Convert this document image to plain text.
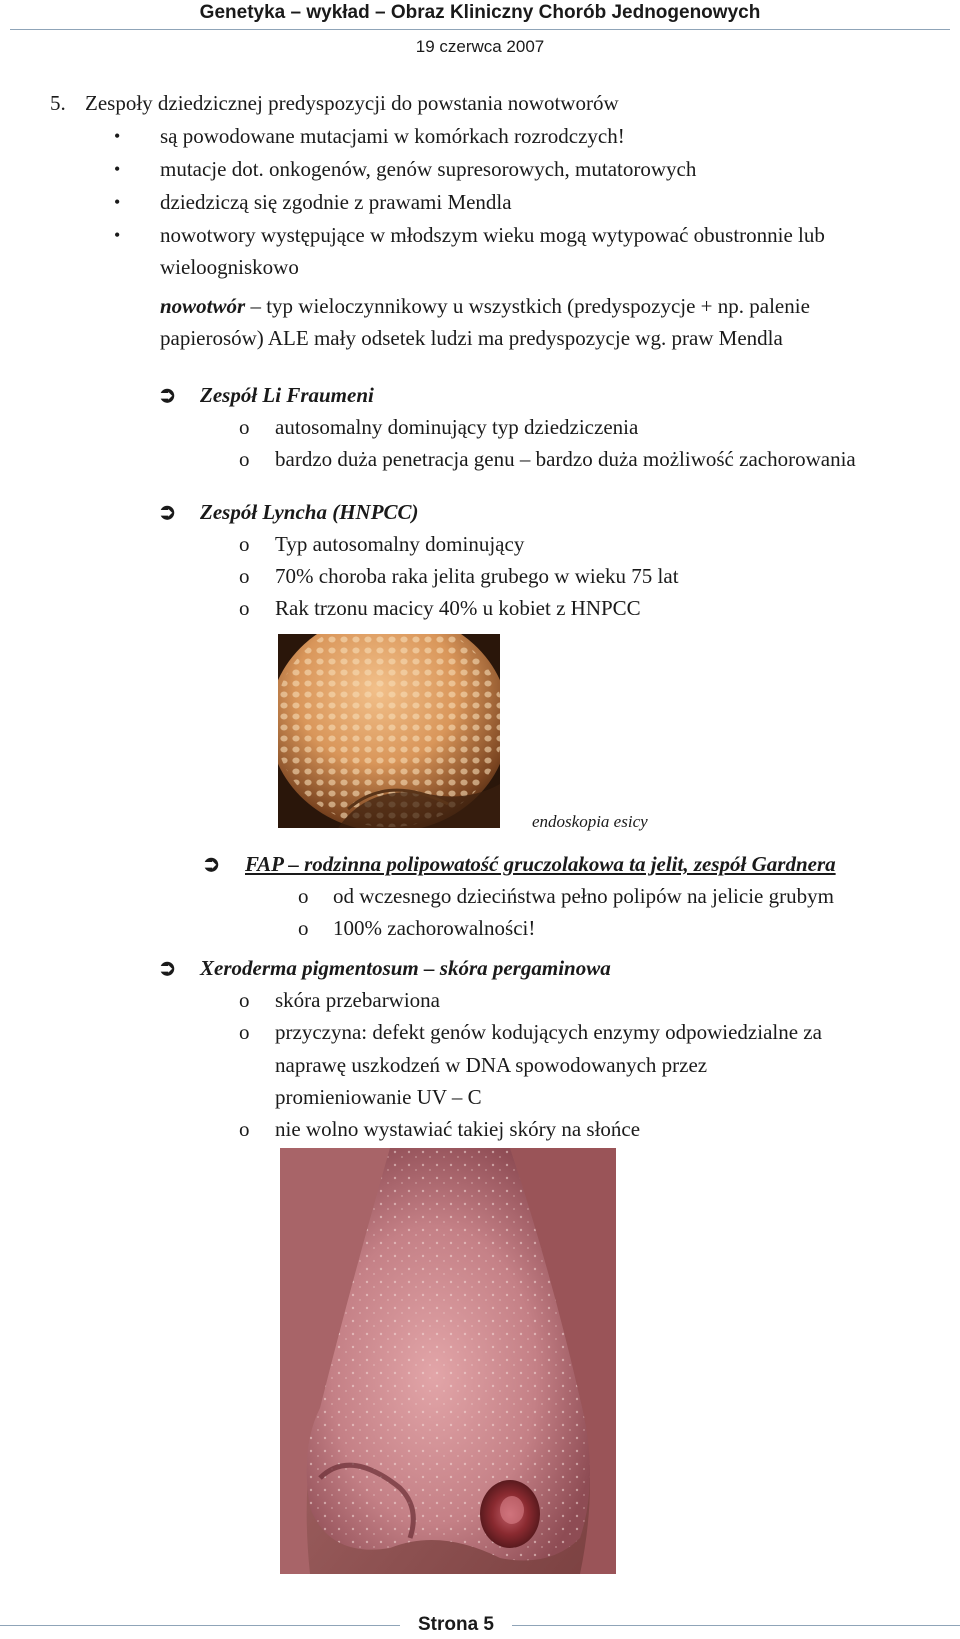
Genetyka – wykład – Obraz Kliniczny Chorób Jednogenowych
19 czerwca 2007
5. Zespoły dziedzicznej predyspozycji do powstania nowotworów
• są powodowane mutacjami w komórkach rozrodczych!
• mutacje dot. onkogenów, genów supresorowych, mutatorowych
• dziedziczą się zgodnie z prawami Mendla
• nowotwory występujące w młodszym wieku mogą wytypować obustronnie lub
wieloogniskowo
nowotwór – typ wieloczynnikowy u wszystkich (predyspozycje + np. palenie
papierosów) ALE mały odsetek ludzi ma predyspozycje wg. praw Mendla
➲ Zespół Li Fraumeni
o autosomalny dominujący typ dziedziczenia
o bardzo duża penetracja genu – bardzo duża możliwość zachorowania
➲ Zespół Lyncha (HNPCC)
o Typ autosomalny dominujący
o 70% choroba raka jelita grubego w wieku 75 lat
o Rak trzonu macicy 40% u kobiet z HNPCC
endoskopia esicy
➲ FAP – rodzinna polipowatość gruczolakowa ta jelit, zespół Gardnera
o od wczesnego dzieciństwa pełno polipów na jelicie grubym
o 100% zachorowalności!
➲ Xeroderma pigmentosum – skóra pergaminowa
o skóra przebarwiona
o przyczyna: defekt genów kodujących enzymy odpowiedzialne za
naprawę uszkodzeń w DNA spowodowanych przez
promieniowanie UV – C
o nie wolno wystawiać takiej skóry na słońce
Strona 5
